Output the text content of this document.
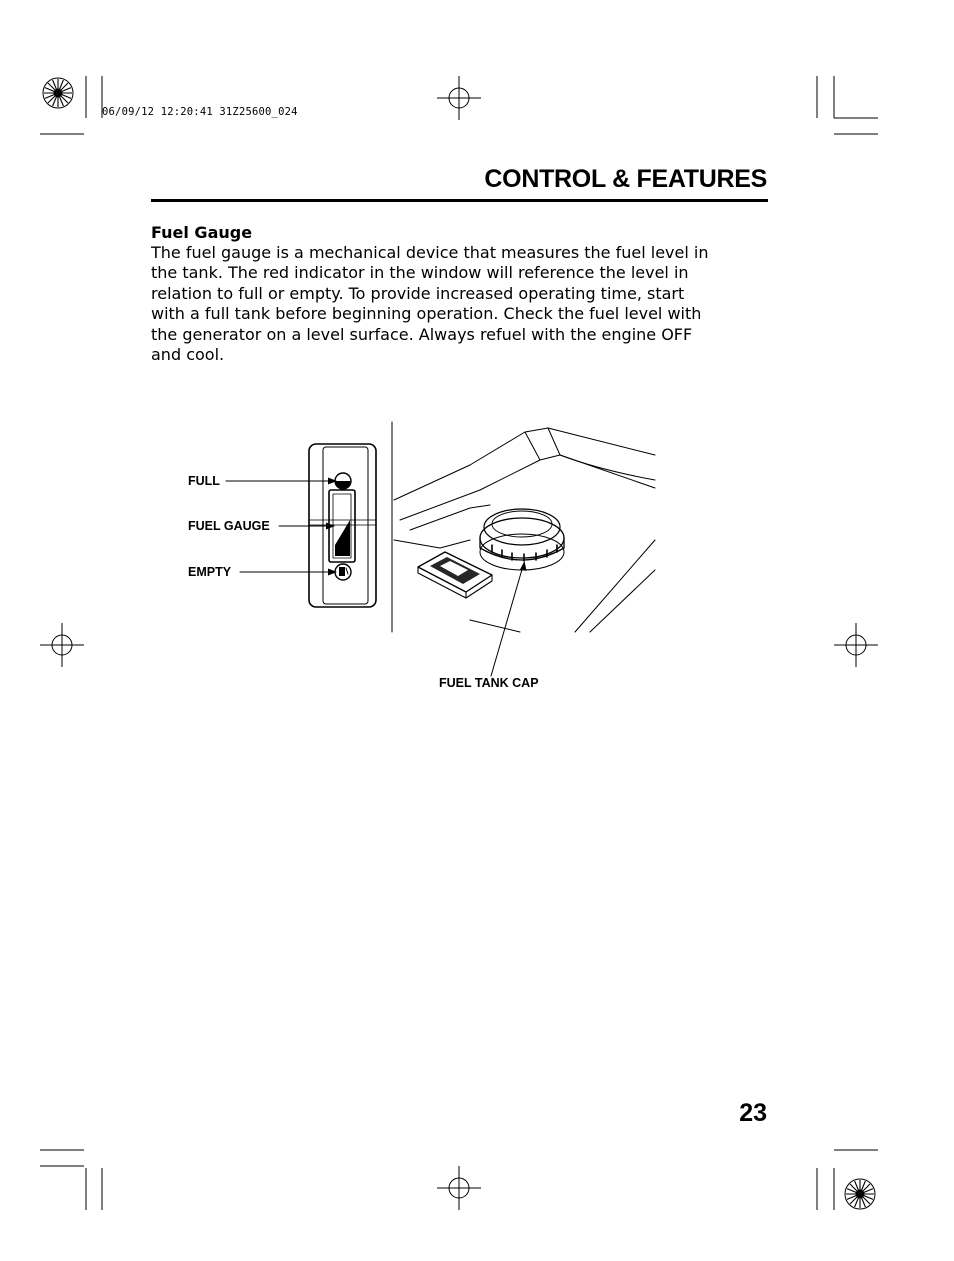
06/09/12 12:20:41 31Z25600_024
CONTROL & FEATURES
Fuel Gauge

The fuel gauge is a mechanical device that measures the fuel level in

the tank. The red indicator in the window will reference the level in

relation to full or empty. To provide increased operating time, start

with a full tank before beginning operation. Check the fuel level with

the generator on a level surface. Always refuel with the engine OFF

and cool.

FULL
FUEL GAUGE
EMPTY
FUEL TANK CAP
23
